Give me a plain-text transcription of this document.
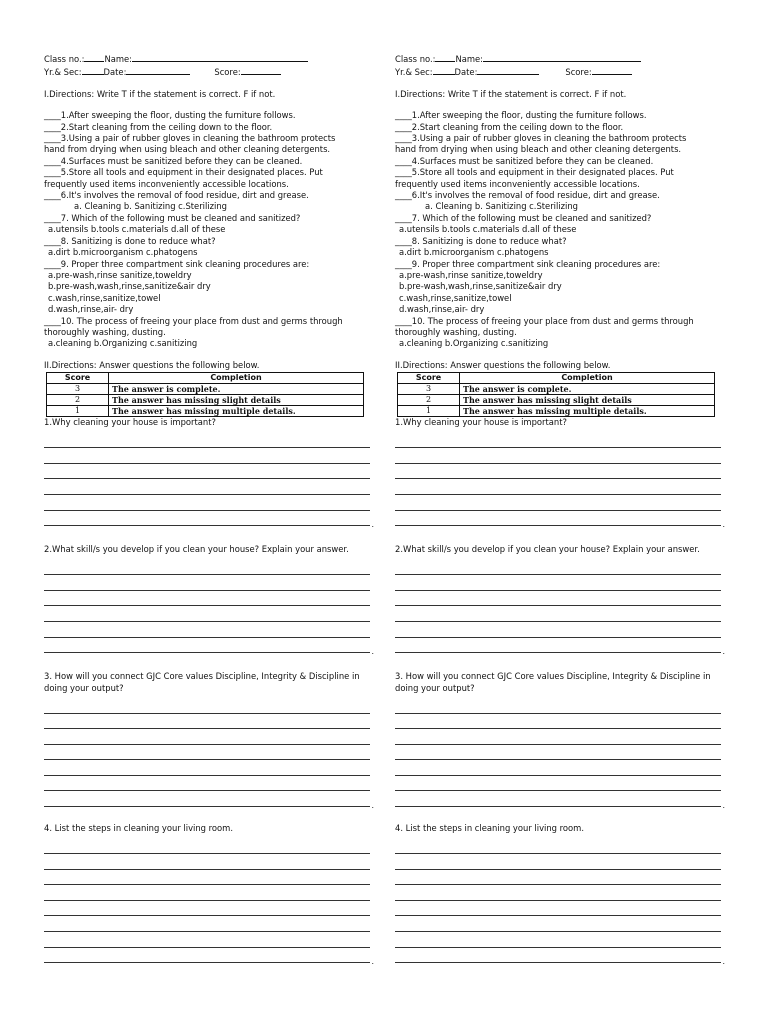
Class no.: Name:
Yr.& Sec:	Date:	Score:
I.Directions: Write T if the statement is correct. F if not.
____1.After sweeping the floor, dusting the furniture follows.
____2.Start cleaning from the ceiling down to the floor.
____3.Using a pair of rubber gloves in cleaning the bathroom protects
hand from drying when using bleach and other cleaning detergents.
____4.Surfaces must be sanitized before they can be cleaned.
____5.Store all tools and equipment in their designated places. Put
frequently used items inconveniently accessible locations.
____6.It's involves the removal of food residue, dirt and grease.
a. Cleaning b. Sanitizing c.Sterilizing
____7. Which of the following must be cleaned and sanitized?
a.utensils b.tools c.materials d.all of these
____8. Sanitizing is done to reduce what?
a.dirt b.microorganism c.phatogens
____9. Proper three compartment sink cleaning procedures are:
a.pre-wash,rinse sanitize,toweldry
b.pre-wash,wash,rinse,sanitize&air dry
c.wash,rinse,sanitize,towel
d.wash,rinse,air- dry
____10. The process of freeing your place from dust and germs through
thoroughly washing, dusting.
a.cleaning b.Organizing c.sanitizing
II.Directions: Answer questions the following below.
Score	Completion
3	The answer is complete.
2	The answer has missing slight details
1	The answer has missing multiple details.
1.Why cleaning your house is important?
.
2.What skill/s you develop if you clean your house? Explain your answer.
.
3. How will you connect GJC Core values Discipline, Integrity & Discipline in doing your output?
.
4. List the steps in cleaning your living room.
.
Class no.: Name:
Yr.& Sec:	Date:	Score:
I.Directions: Write T if the statement is correct. F if not.
____1.After sweeping the floor, dusting the furniture follows.
____2.Start cleaning from the ceiling down to the floor.
____3.Using a pair of rubber gloves in cleaning the bathroom protects
hand from drying when using bleach and other cleaning detergents.
____4.Surfaces must be sanitized before they can be cleaned.
____5.Store all tools and equipment in their designated places. Put
frequently used items inconveniently accessible locations.
____6.It's involves the removal of food residue, dirt and grease.
a. Cleaning b. Sanitizing c.Sterilizing
____7. Which of the following must be cleaned and sanitized?
a.utensils b.tools c.materials d.all of these
____8. Sanitizing is done to reduce what?
a.dirt b.microorganism c.phatogens
____9. Proper three compartment sink cleaning procedures are:
a.pre-wash,rinse sanitize,toweldry
b.pre-wash,wash,rinse,sanitize&air dry
c.wash,rinse,sanitize,towel
d.wash,rinse,air- dry
____10. The process of freeing your place from dust and germs through
thoroughly washing, dusting.
a.cleaning b.Organizing c.sanitizing
II.Directions: Answer questions the following below.
Score	Completion
3	The answer is complete.
2	The answer has missing slight details
1	The answer has missing multiple details.
1.Why cleaning your house is important?
.
2.What skill/s you develop if you clean your house? Explain your answer.
.
3. How will you connect GJC Core values Discipline, Integrity & Discipline in doing your output?
.
4. List the steps in cleaning your living room.
.
